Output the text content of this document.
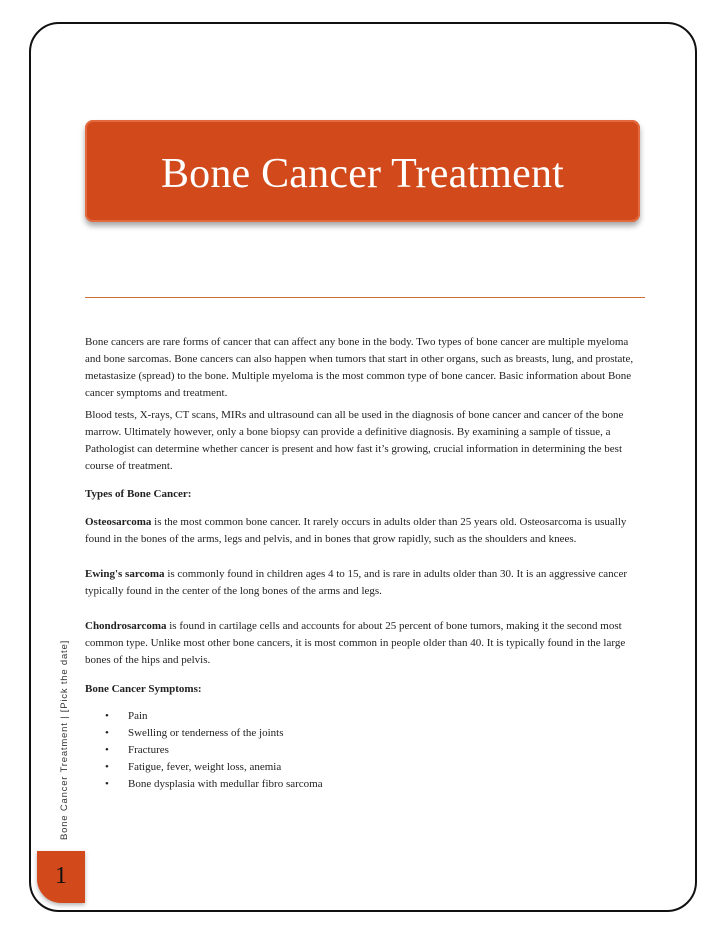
Bone Cancer Treatment

Bone cancers are rare forms of cancer that can affect any bone in the body. Two types of bone cancer are multiple myeloma and bone sarcomas. Bone cancers can also happen when tumors that start in other organs, such as breasts, lung, and prostate, metastasize (spread) to the bone. Multiple myeloma is the most common type of bone cancer. Basic information about Bone cancer symptoms and treatment.

Blood tests, X-rays, CT scans, MIRs and ultrasound can all be used in the diagnosis of bone cancer and cancer of the bone marrow. Ultimately however, only a bone biopsy can provide a definitive diagnosis. By examining a sample of tissue, a Pathologist can determine whether cancer is present and how fast it’s growing, crucial information in determining the best course of treatment.

Types of Bone Cancer:

Osteosarcoma is the most common bone cancer. It rarely occurs in adults older than 25 years old. Osteosarcoma is usually found in the bones of the arms, legs and pelvis, and in bones that grow rapidly, such as the shoulders and knees.

Ewing's sarcoma is commonly found in children ages 4 to 15, and is rare in adults older than 30. It is an aggressive cancer typically found in the center of the long bones of the arms and legs.

Chondrosarcoma is found in cartilage cells and accounts for about 25 percent of bone tumors, making it the second most common type. Unlike most other bone cancers, it is most common in people older than 40. It is typically found in the large bones of the hips and pelvis.

Bone Cancer Symptoms:

• Pain
• Swelling or tenderness of the joints
• Fractures
• Fatigue, fever, weight loss, anemia
• Bone dysplasia with medullar fibro sarcoma
Bone Cancer Treatment | [Pick the date]
1
